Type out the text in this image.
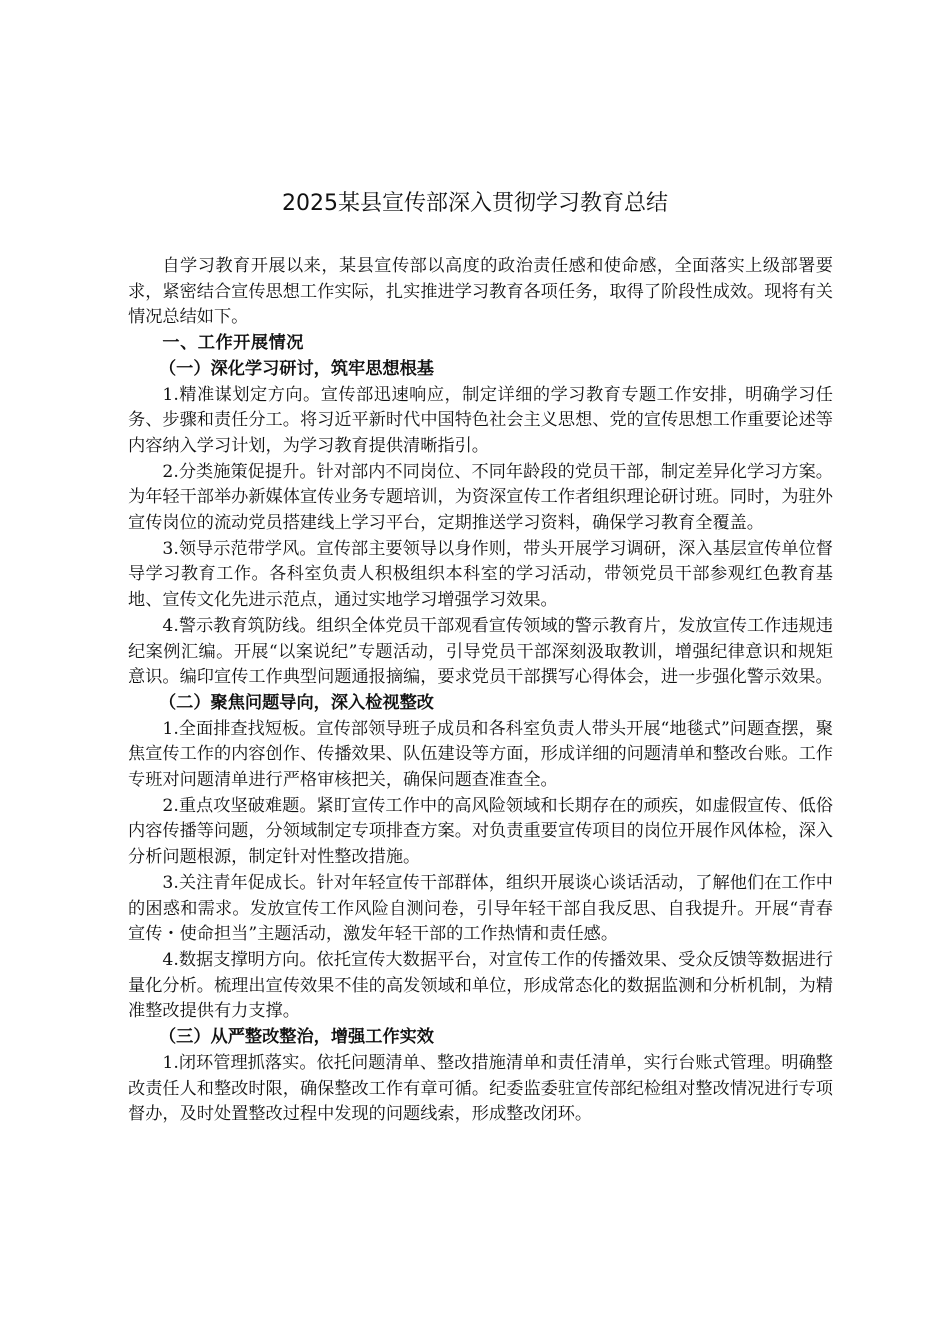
2025某县宣传部深入贯彻学习教育总结

自学习教育开展以来，某县宣传部以高度的政治责任感和使命感，全面落实上级部署要求，紧密结合宣传思想工作实际，扎实推进学习教育各项任务，取得了阶段性成效。现将有关情况总结如下。

一、工作开展情况

（一）深化学习研讨，筑牢思想根基

1.精准谋划定方向。宣传部迅速响应，制定详细的学习教育专题工作安排，明确学习任务、步骤和责任分工。将习近平新时代中国特色社会主义思想、党的宣传思想工作重要论述等内容纳入学习计划，为学习教育提供清晰指引。

2.分类施策促提升。针对部内不同岗位、不同年龄段的党员干部，制定差异化学习方案。为年轻干部举办新媒体宣传业务专题培训，为资深宣传工作者组织理论研讨班。同时，为驻外宣传岗位的流动党员搭建线上学习平台，定期推送学习资料，确保学习教育全覆盖。

3.领导示范带学风。宣传部主要领导以身作则，带头开展学习调研，深入基层宣传单位督导学习教育工作。各科室负责人积极组织本科室的学习活动，带领党员干部参观红色教育基地、宣传文化先进示范点，通过实地学习增强学习效果。

4.警示教育筑防线。组织全体党员干部观看宣传领域的警示教育片，发放宣传工作违规违纪案例汇编。开展“以案说纪”专题活动，引导党员干部深刻汲取教训，增强纪律意识和规矩意识。编印宣传工作典型问题通报摘编，要求党员干部撰写心得体会，进一步强化警示效果。

（二）聚焦问题导向，深入检视整改

1.全面排查找短板。宣传部领导班子成员和各科室负责人带头开展“地毯式”问题查摆，聚焦宣传工作的内容创作、传播效果、队伍建设等方面，形成详细的问题清单和整改台账。工作专班对问题清单进行严格审核把关，确保问题查准查全。

2.重点攻坚破难题。紧盯宣传工作中的高风险领域和长期存在的顽疾，如虚假宣传、低俗内容传播等问题，分领域制定专项排查方案。对负责重要宣传项目的岗位开展作风体检，深入分析问题根源，制定针对性整改措施。

3.关注青年促成长。针对年轻宣传干部群体，组织开展谈心谈话活动，了解他们在工作中的困惑和需求。发放宣传工作风险自测问卷，引导年轻干部自我反思、自我提升。开展“青春宣传・使命担当”主题活动，激发年轻干部的工作热情和责任感。

4.数据支撑明方向。依托宣传大数据平台，对宣传工作的传播效果、受众反馈等数据进行量化分析。梳理出宣传效果不佳的高发领域和单位，形成常态化的数据监测和分析机制，为精准整改提供有力支撑。

（三）从严整改整治，增强工作实效

1.闭环管理抓落实。依托问题清单、整改措施清单和责任清单，实行台账式管理。明确整改责任人和整改时限，确保整改工作有章可循。纪委监委驻宣传部纪检组对整改情况进行专项督办，及时处置整改过程中发现的问题线索，形成整改闭环。
